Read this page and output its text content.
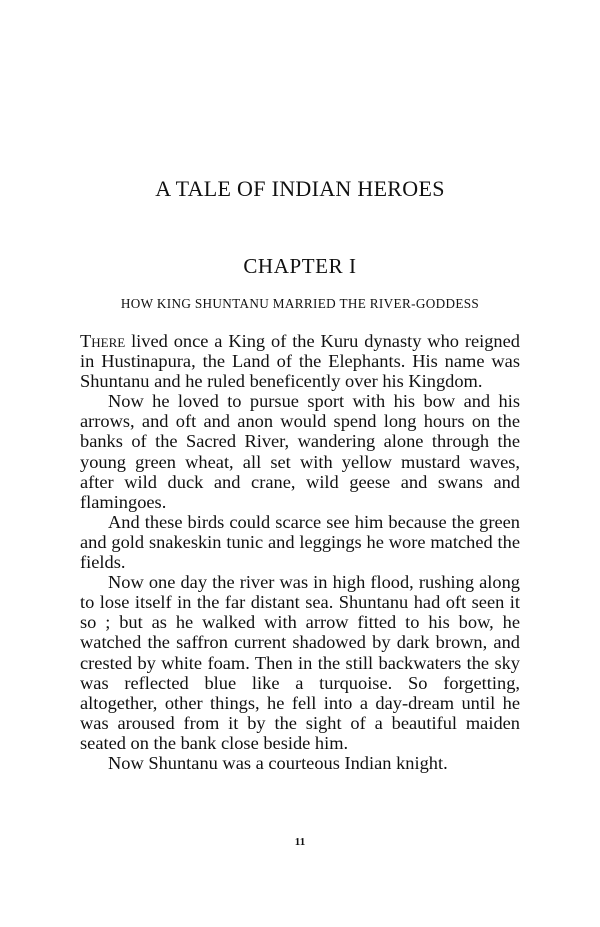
A TALE OF INDIAN HEROES
CHAPTER I
HOW KING SHUNTANU MARRIED THE RIVER-GODDESS

There lived once a King of the Kuru dynasty who reigned in Hustinapura, the Land of the Elephants. His name was Shuntanu and he ruled beneficently over his Kingdom.

Now he loved to pursue sport with his bow and his arrows, and oft and anon would spend long hours on the banks of the Sacred River, wandering alone through the young green wheat, all set with yellow mustard waves, after wild duck and crane, wild geese and swans and flamingoes.

And these birds could scarce see him because the green and gold snakeskin tunic and leggings he wore matched the fields.

Now one day the river was in high flood, rushing along to lose itself in the far distant sea. Shuntanu had oft seen it so ; but as he walked with arrow fitted to his bow, he watched the saffron current shadowed by dark brown, and crested by white foam. Then in the still backwaters the sky was reflected blue like a turquoise. So forgetting, altogether, other things, he fell into a day-dream until he was aroused from it by the sight of a beautiful maiden seated on the bank close beside him.

Now Shuntanu was a courteous Indian knight.

11
